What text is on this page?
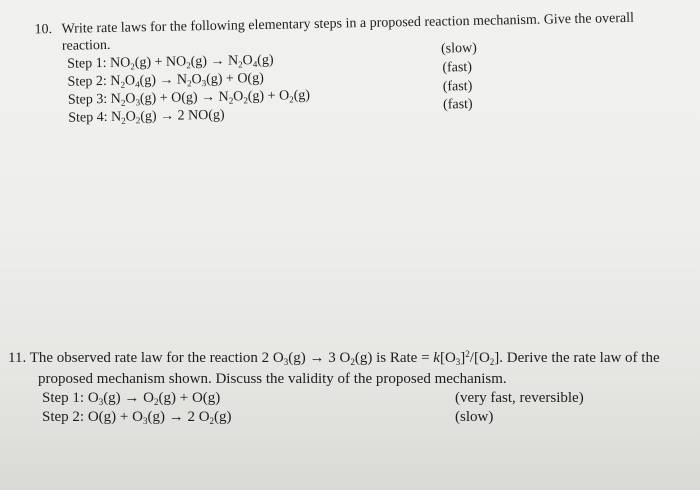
10. Write rate laws for the following elementary steps in a proposed reaction mechanism. Give the overall
reaction.
Step 1: $NO_2(g) + NO_2(g) \to N_2O_4(g)$
(slow)
Step 2: $N_2O_4(g) \to N_2O_3(g) + O(g)$
(fast)
Step 3: $N_2O_3(g) + O(g) \to N_2O_2(g) + O_2(g)$
(fast)
Step 4: $N_2O_2(g) \to 2$ NO(g)
(fast)
11. The observed rate law for the reaction 2 $O_3(g) \to 3$ $O_2(g)$ is Rate = $k[O_3]^2/[O_2]$. Derive the rate law of the
proposed mechanism shown. Discuss the validity of the proposed mechanism.
Step 1: $O_3(g) \to O_2(g) + O(g)$	(very fast, reversible)
Step 2: $O(g) + O_3(g) \to 2$ $O_2(g)$	(slow)
